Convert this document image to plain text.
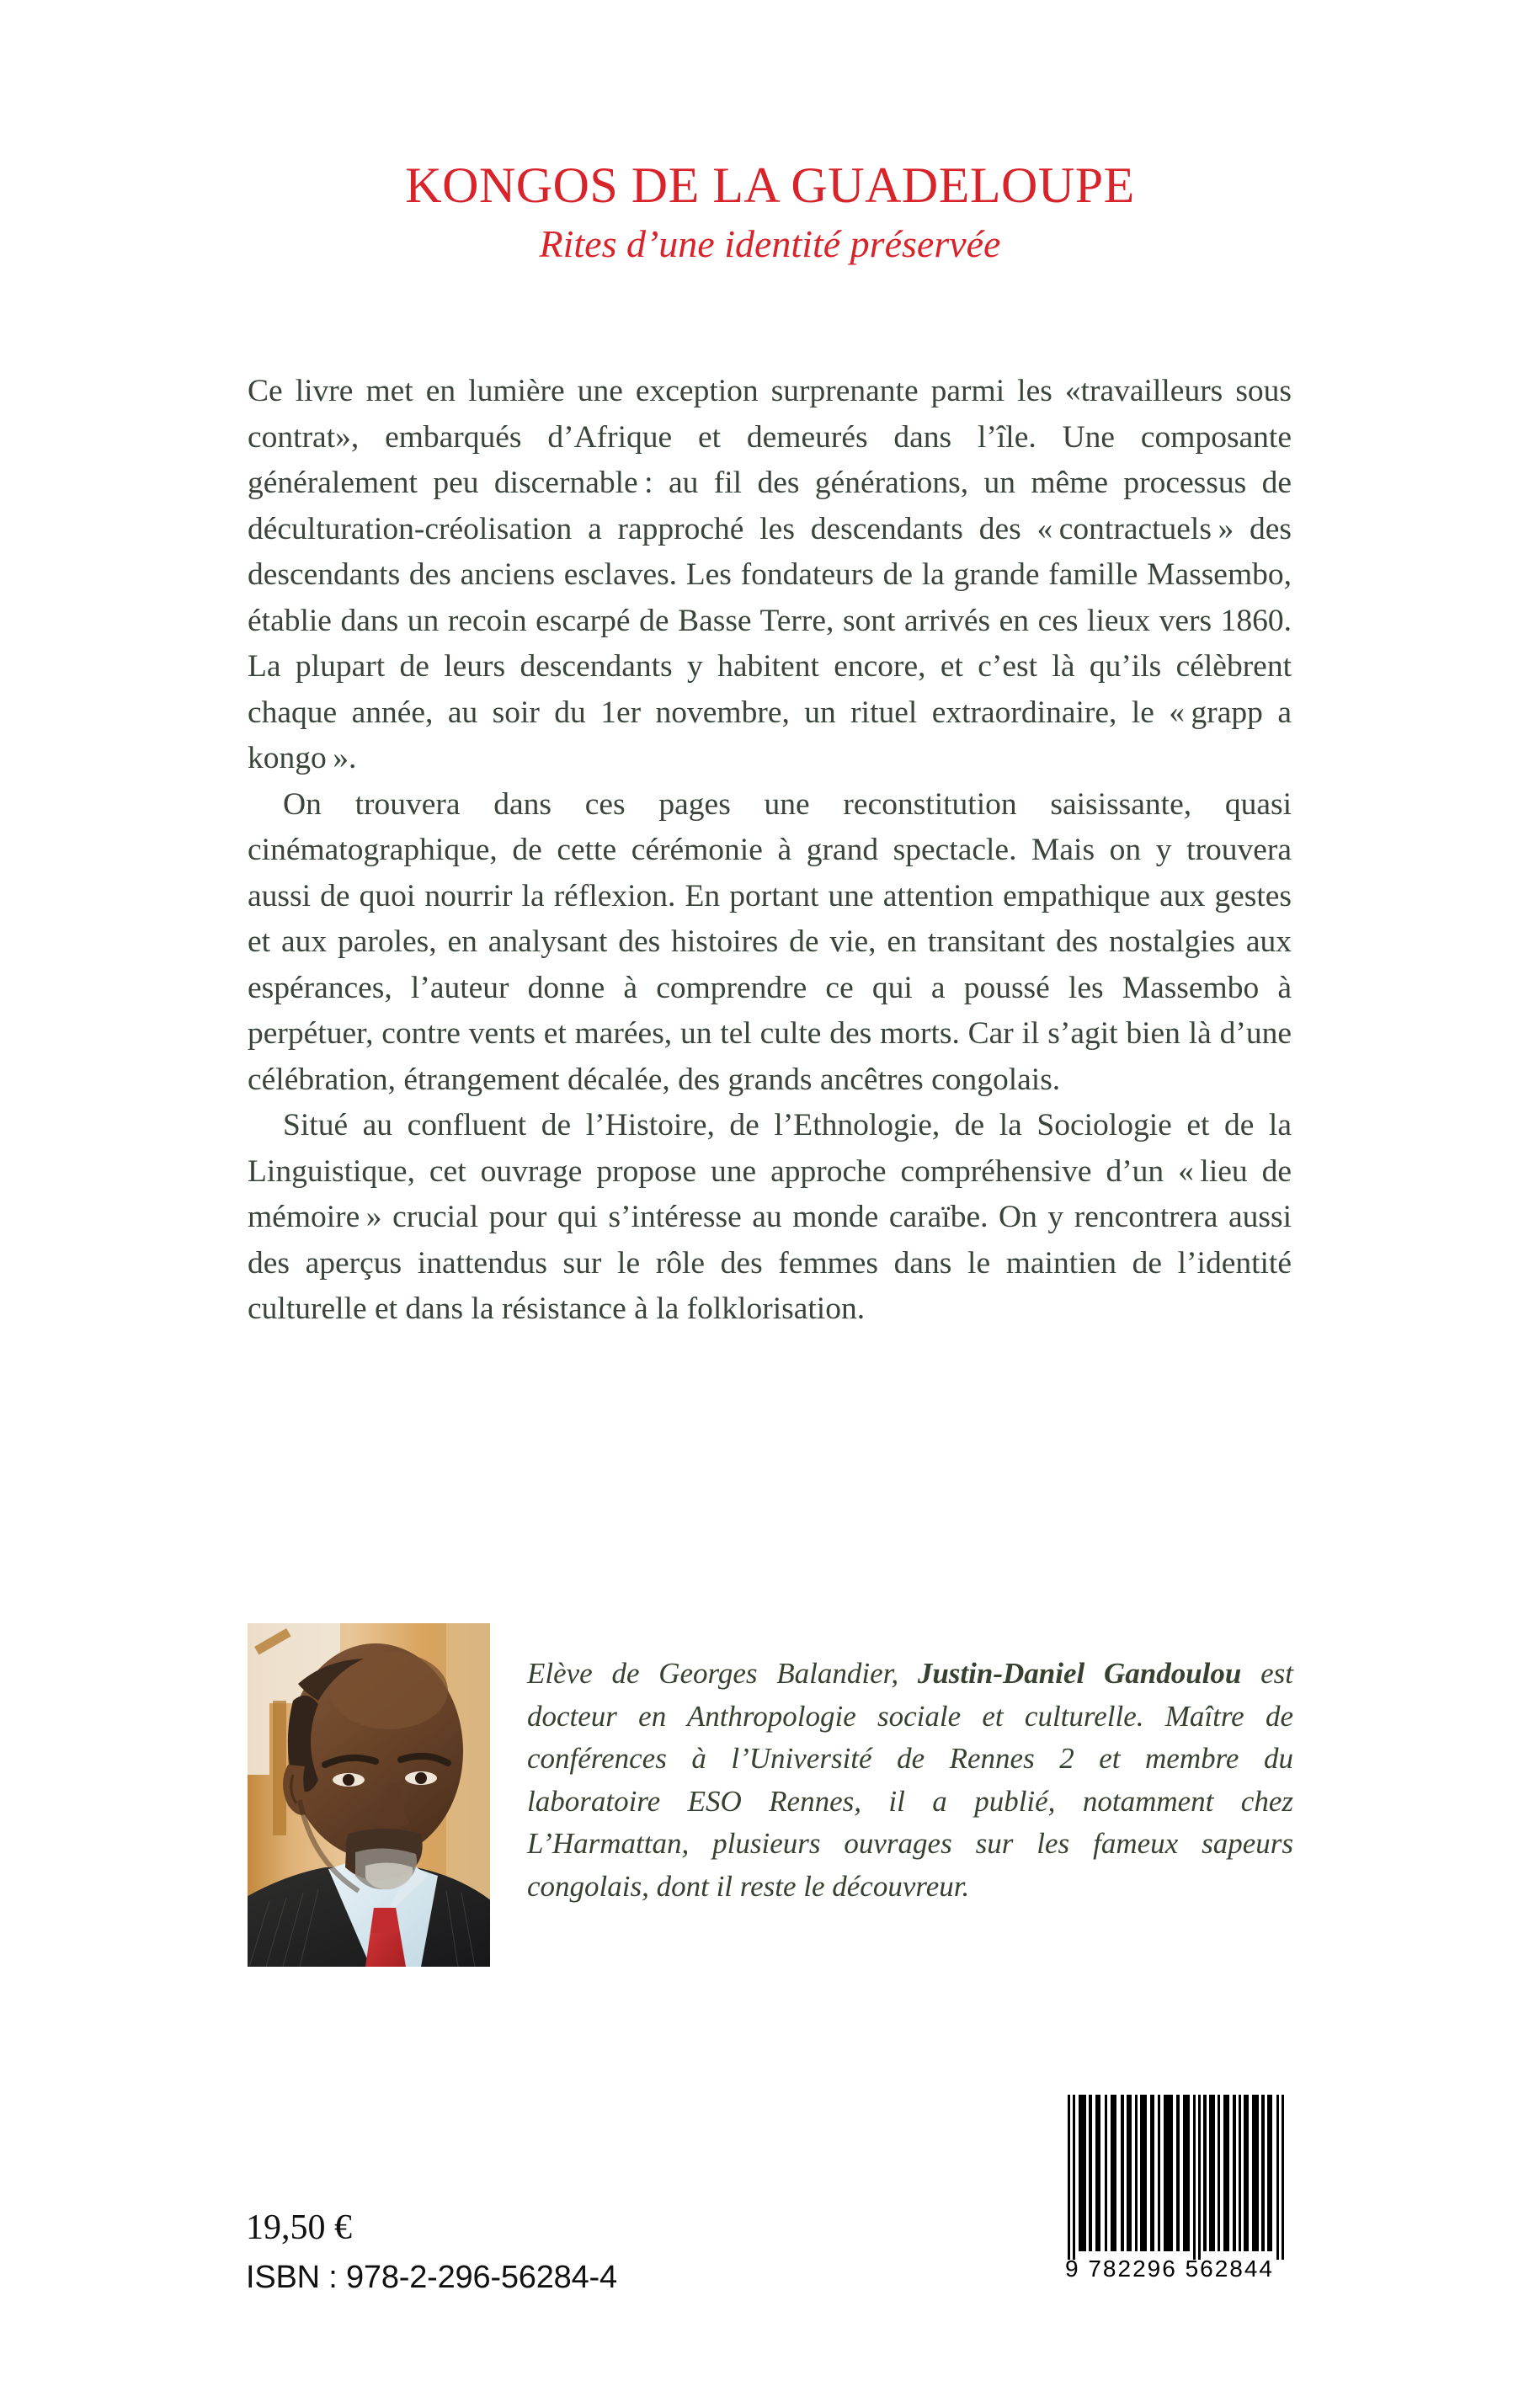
KONGOS DE LA GUADELOUPE
Rites d’une identité préservée

Ce livre met en lumière une exception surprenante parmi les «travailleurs sous contrat», embarqués d’Afrique et demeurés dans l’île. Une composante généralement peu discernable : au fil des générations, un même processus de déculturation-créolisation a rapproché les descendants des « contractuels » des descendants des anciens esclaves. Les fondateurs de la grande famille Massembo, établie dans un recoin escarpé de Basse Terre, sont arrivés en ces lieux vers 1860. La plupart de leurs descendants y habitent encore, et c’est là qu’ils célèbrent chaque année, au soir du 1er novembre, un rituel extraordinaire, le « grapp a kongo ».

On trouvera dans ces pages une reconstitution saisissante, quasi cinématographique, de cette cérémonie à grand spectacle. Mais on y trouvera aussi de quoi nourrir la réflexion. En portant une attention empathique aux gestes et aux paroles, en analysant des histoires de vie, en transitant des nostalgies aux espérances, l’auteur donne à comprendre ce qui a poussé les Massembo à perpétuer, contre vents et marées, un tel culte des morts. Car il s’agit bien là d’une célébration, étrangement décalée, des grands ancêtres congolais.

Situé au confluent de l’Histoire, de l’Ethnologie, de la Sociologie et de la Linguistique, cet ouvrage propose une approche compréhensive d’un « lieu de mémoire » crucial pour qui s’intéresse au monde caraïbe. On y rencontrera aussi des aperçus inattendus sur le rôle des femmes dans le maintien de l’identité culturelle et dans la résistance à la folklorisation.

Elève de Georges Balandier, Justin-Daniel Gandoulou est docteur en Anthropologie sociale et culturelle. Maître de conférences à l’Université de Rennes 2 et membre du laboratoire ESO Rennes, il a publié, notamment chez L’Harmattan, plusieurs ouvrages sur les fameux sapeurs congolais, dont il reste le découvreur.

19,50 €
ISBN : 978-2-296-56284-4	9 782296 562844
